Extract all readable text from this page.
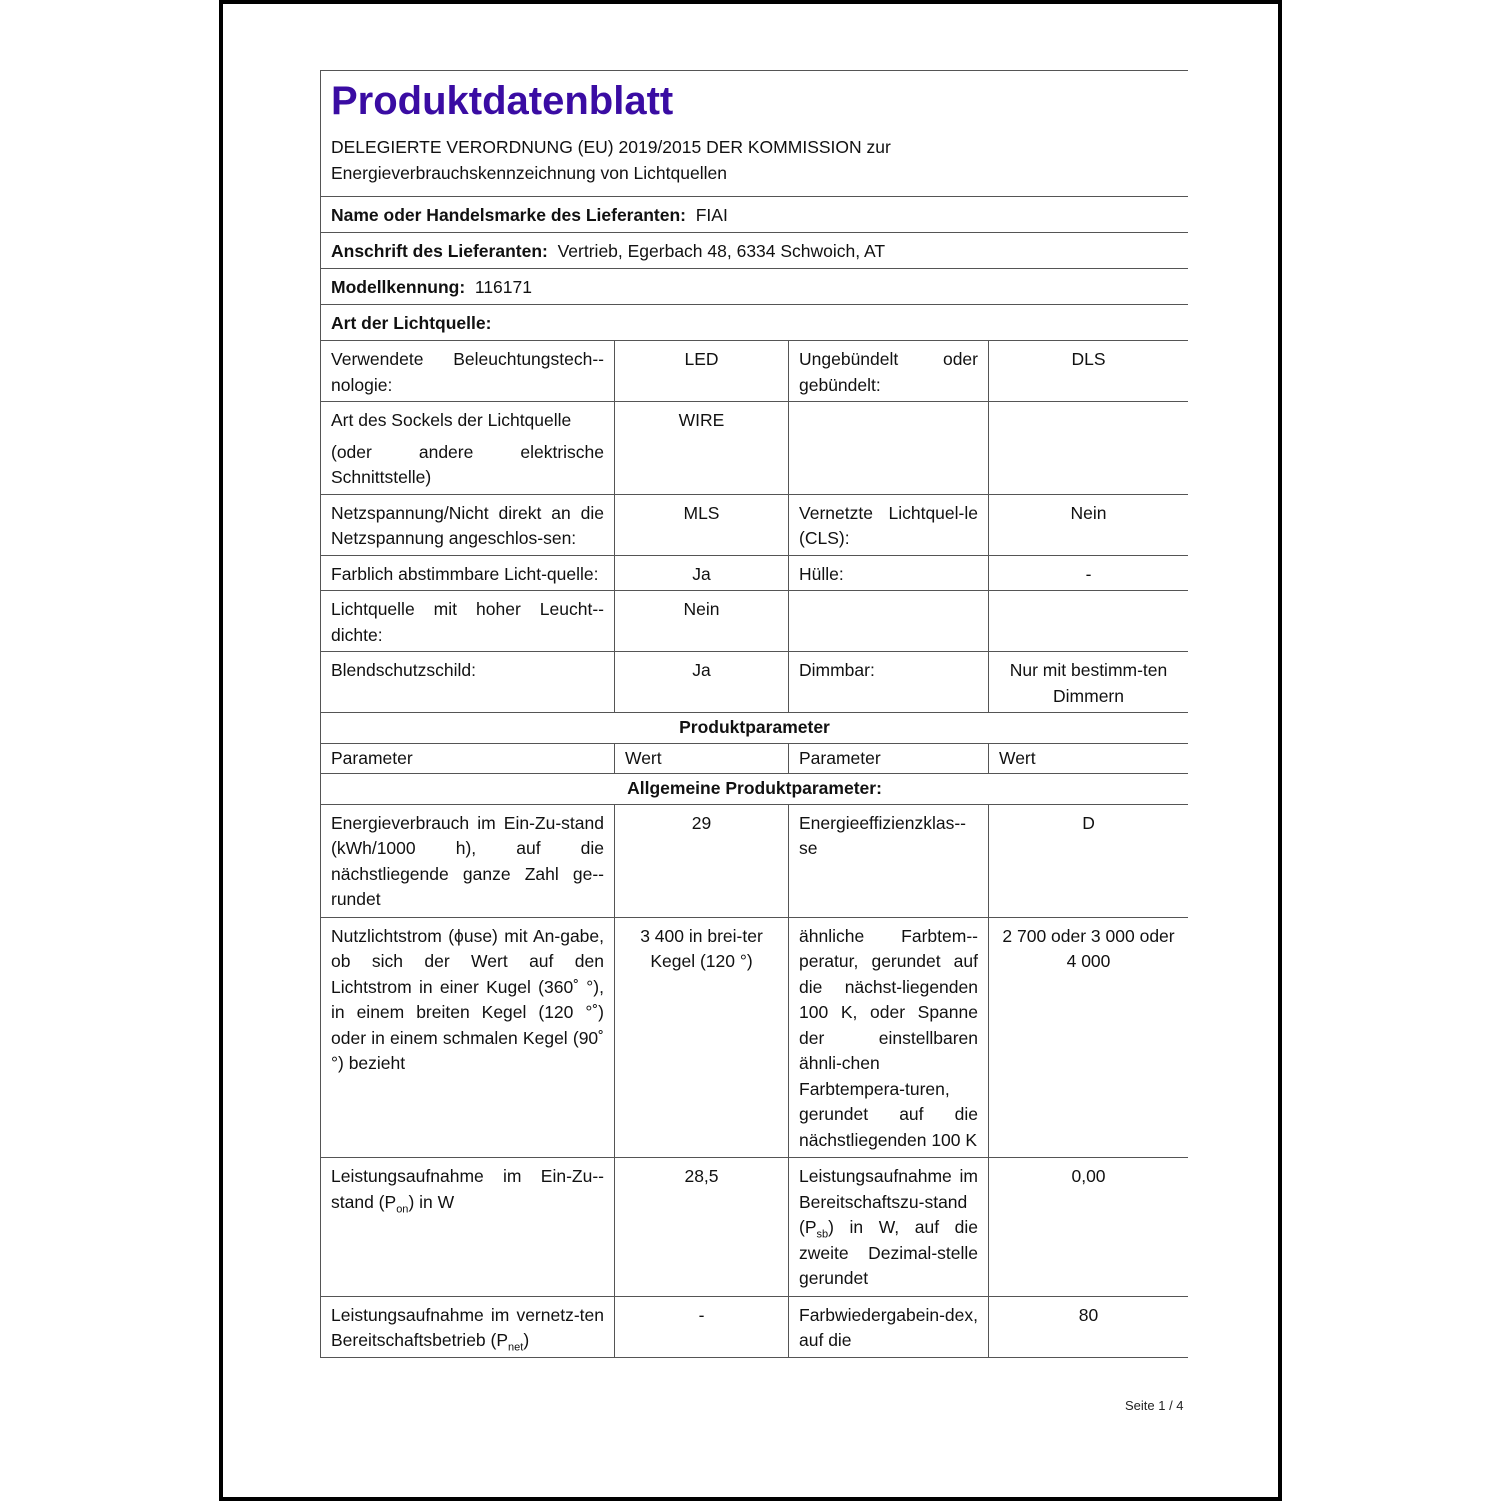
Produktdatenblatt
DELEGIERTE VERORDNUNG (EU) 2019/2015 DER KOMMISSION zur
Energieverbrauchskennzeichnung von Lichtquellen			

Name oder Handelsmarke des Lieferanten: FIAI			
Anschrift des Lieferanten: Vertrieb, Egerbach 48, 6334 Schwoich, AT			
Modellkennung: 116171			
Art der Lichtquelle:			
Verwendete Beleuchtungstech-nologie:	LED	Ungebündelt oder gebündelt:	DLS

Art des Sockels der Lichtquelle
(oder andere elektrische Schnittstelle)	WIRE		
Netzspannung/Nicht direkt an die Netzspannung angeschlos-sen:	MLS	Vernetzte Lichtquel-le (CLS):	Nein
Farblich abstimmbare Licht-quelle:	Ja	Hülle:	-
Lichtquelle mit hoher Leucht-dichte:	Nein		
Blendschutzschild:	Ja	Dimmbar:	Nur mit bestimm-ten Dimmern
Produktparameter			
Parameter	Wert	Parameter	Wert
Allgemeine Produktparameter:			
Energieverbrauch im Ein-Zu-stand (kWh/1000 h), auf die nächstliegende ganze Zahl ge-rundet	29	Energieeffizienzklas-se	D
Nutzlichtstrom (ϕuse) mit An-gabe, ob sich der Wert auf den Lichtstrom in einer Kugel (360˚ °), in einem breiten Kegel (120 °˚) oder in einem schmalen Kegel (90˚ °) bezieht	3 400 in brei-ter Kegel (120 °)	ähnliche Farbtem-peratur, gerundet auf die nächst-liegenden 100 K, oder Spanne der einstellbaren ähnli-chen Farbtempera-turen, gerundet auf die nächstliegenden 100 K	2 700 oder 3 000 oder 4 000
Leistungsaufnahme im Ein-Zu-stand $(P_{on})$ in W	28,5	Leistungsaufnahme im Bereitschaftszu-stand $(P_{sb})$ in W, auf die zweite Dezimal-stelle gerundet	0,00
Leistungsaufnahme im vernetz-ten Bereitschaftsbetrieb $(P_{net})$	-	Farbwiedergabein-dex, auf die	80
Seite 1 / 4
